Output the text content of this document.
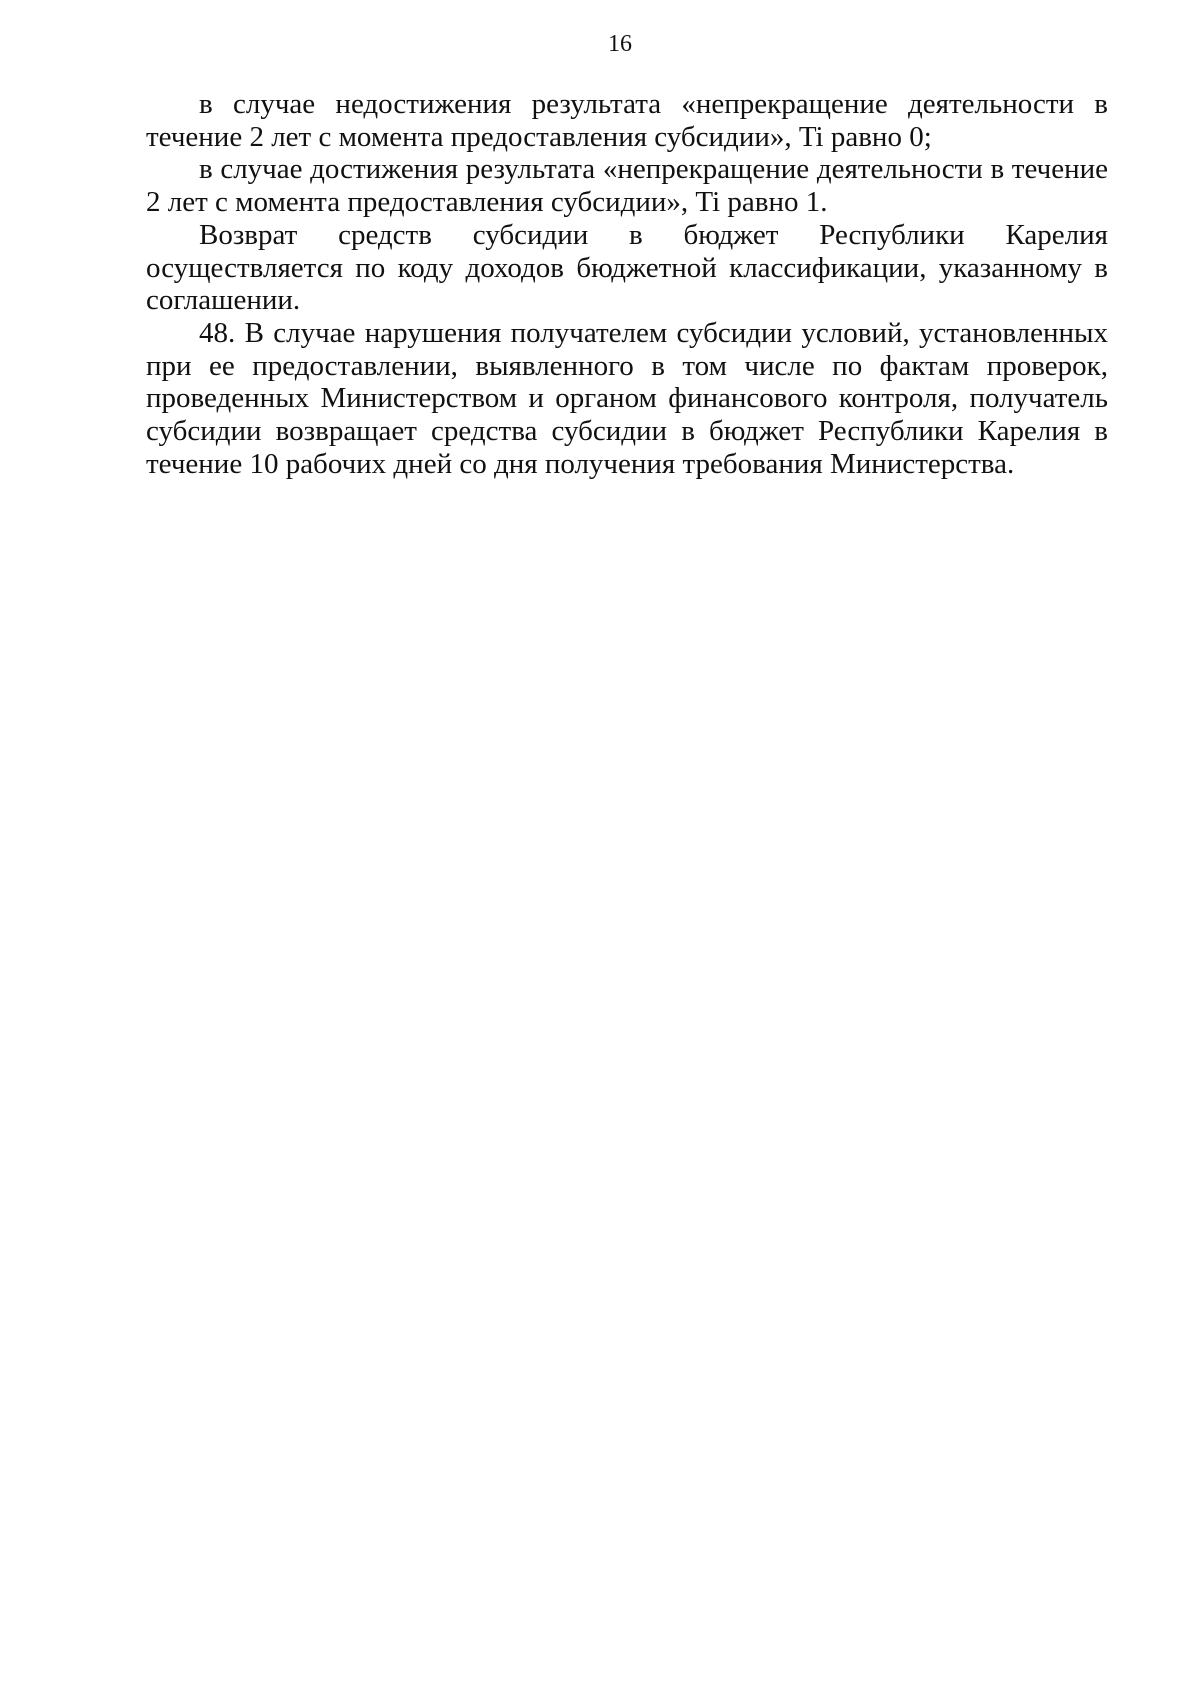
16

в случае недостижения результата «непрекращение деятельности в течение 2 лет с момента предоставления субсидии», Ti равно 0;

в случае достижения результата «непрекращение деятельности в течение 2 лет с момента предоставления субсидии», Ti равно 1.

Возврат средств субсидии в бюджет Республики Карелия осуществляется по коду доходов бюджетной классификации, указанному в соглашении.

48. В случае нарушения получателем субсидии условий, установленных при ее предоставлении, выявленного в том числе по фактам проверок, проведенных Министерством и органом финансового контроля, получатель субсидии возвращает средства субсидии в бюджет Республики Карелия в течение 10 рабочих дней со дня получения требования Министерства.
